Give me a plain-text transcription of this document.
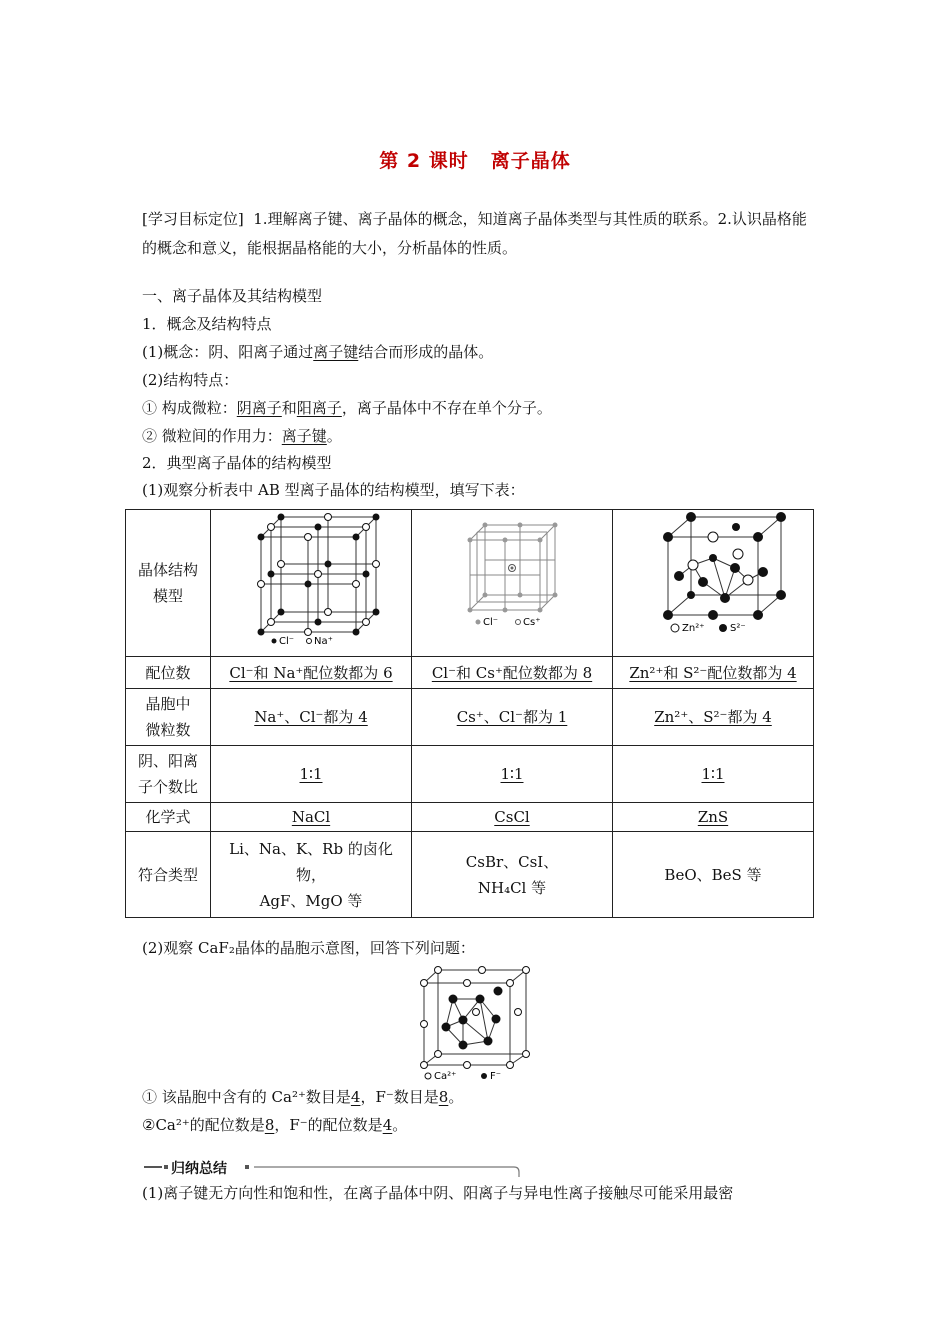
第 2 课时 离子晶体
[学习目标定位] 1.理解离子键、离子晶体的概念，知道离子晶体类型与其性质的联系。2.认识晶格能的概念和意义，能根据晶格能的大小，分析晶体的性质。
一、离子晶体及其结构模型
1．概念及结构特点
(1)概念：阴、阳离子通过离子键结合而形成的晶体。
(2)结构特点：
① 构成微粒：阴离子和阳离子，离子晶体中不存在单个分子。
② 微粒间的作用力：离子键。
2．典型离子晶体的结构模型
(1)观察分析表中 AB 型离子晶体的结构模型，填写下表：
晶体结构
模型	Cl⁻ Na⁺	Cl⁻ Cs⁺	Zn²⁺ S²⁻

配位数	Cl⁻和 Na⁺配位数都为 6	Cl⁻和 Cs⁺配位数都为 8	Zn²⁺和 S²⁻配位数都为 4
晶胞中
微粒数	Na⁺、Cl⁻都为 4	Cs⁺、Cl⁻都为 1	Zn²⁺、S²⁻都为 4
阴、阳离
子个数比	1∶1	1∶1	1∶1
化学式	NaCl	CsCl	ZnS
符合类型	Li、Na、K、Rb 的卤化
物，
AgF、MgO 等	CsBr、CsI、
NH₄Cl 等	BeO、BeS 等
(2)观察 CaF₂晶体的晶胞示意图，回答下列问题：
Ca²⁺	F⁻
① 该晶胞中含有的 Ca²⁺数目是4，F⁻数目是8。
②Ca²⁺的配位数是8，F⁻的配位数是4。
归纳总结
(1)离子键无方向性和饱和性，在离子晶体中阴、阳离子与异电性离子接触尽可能采用最密
